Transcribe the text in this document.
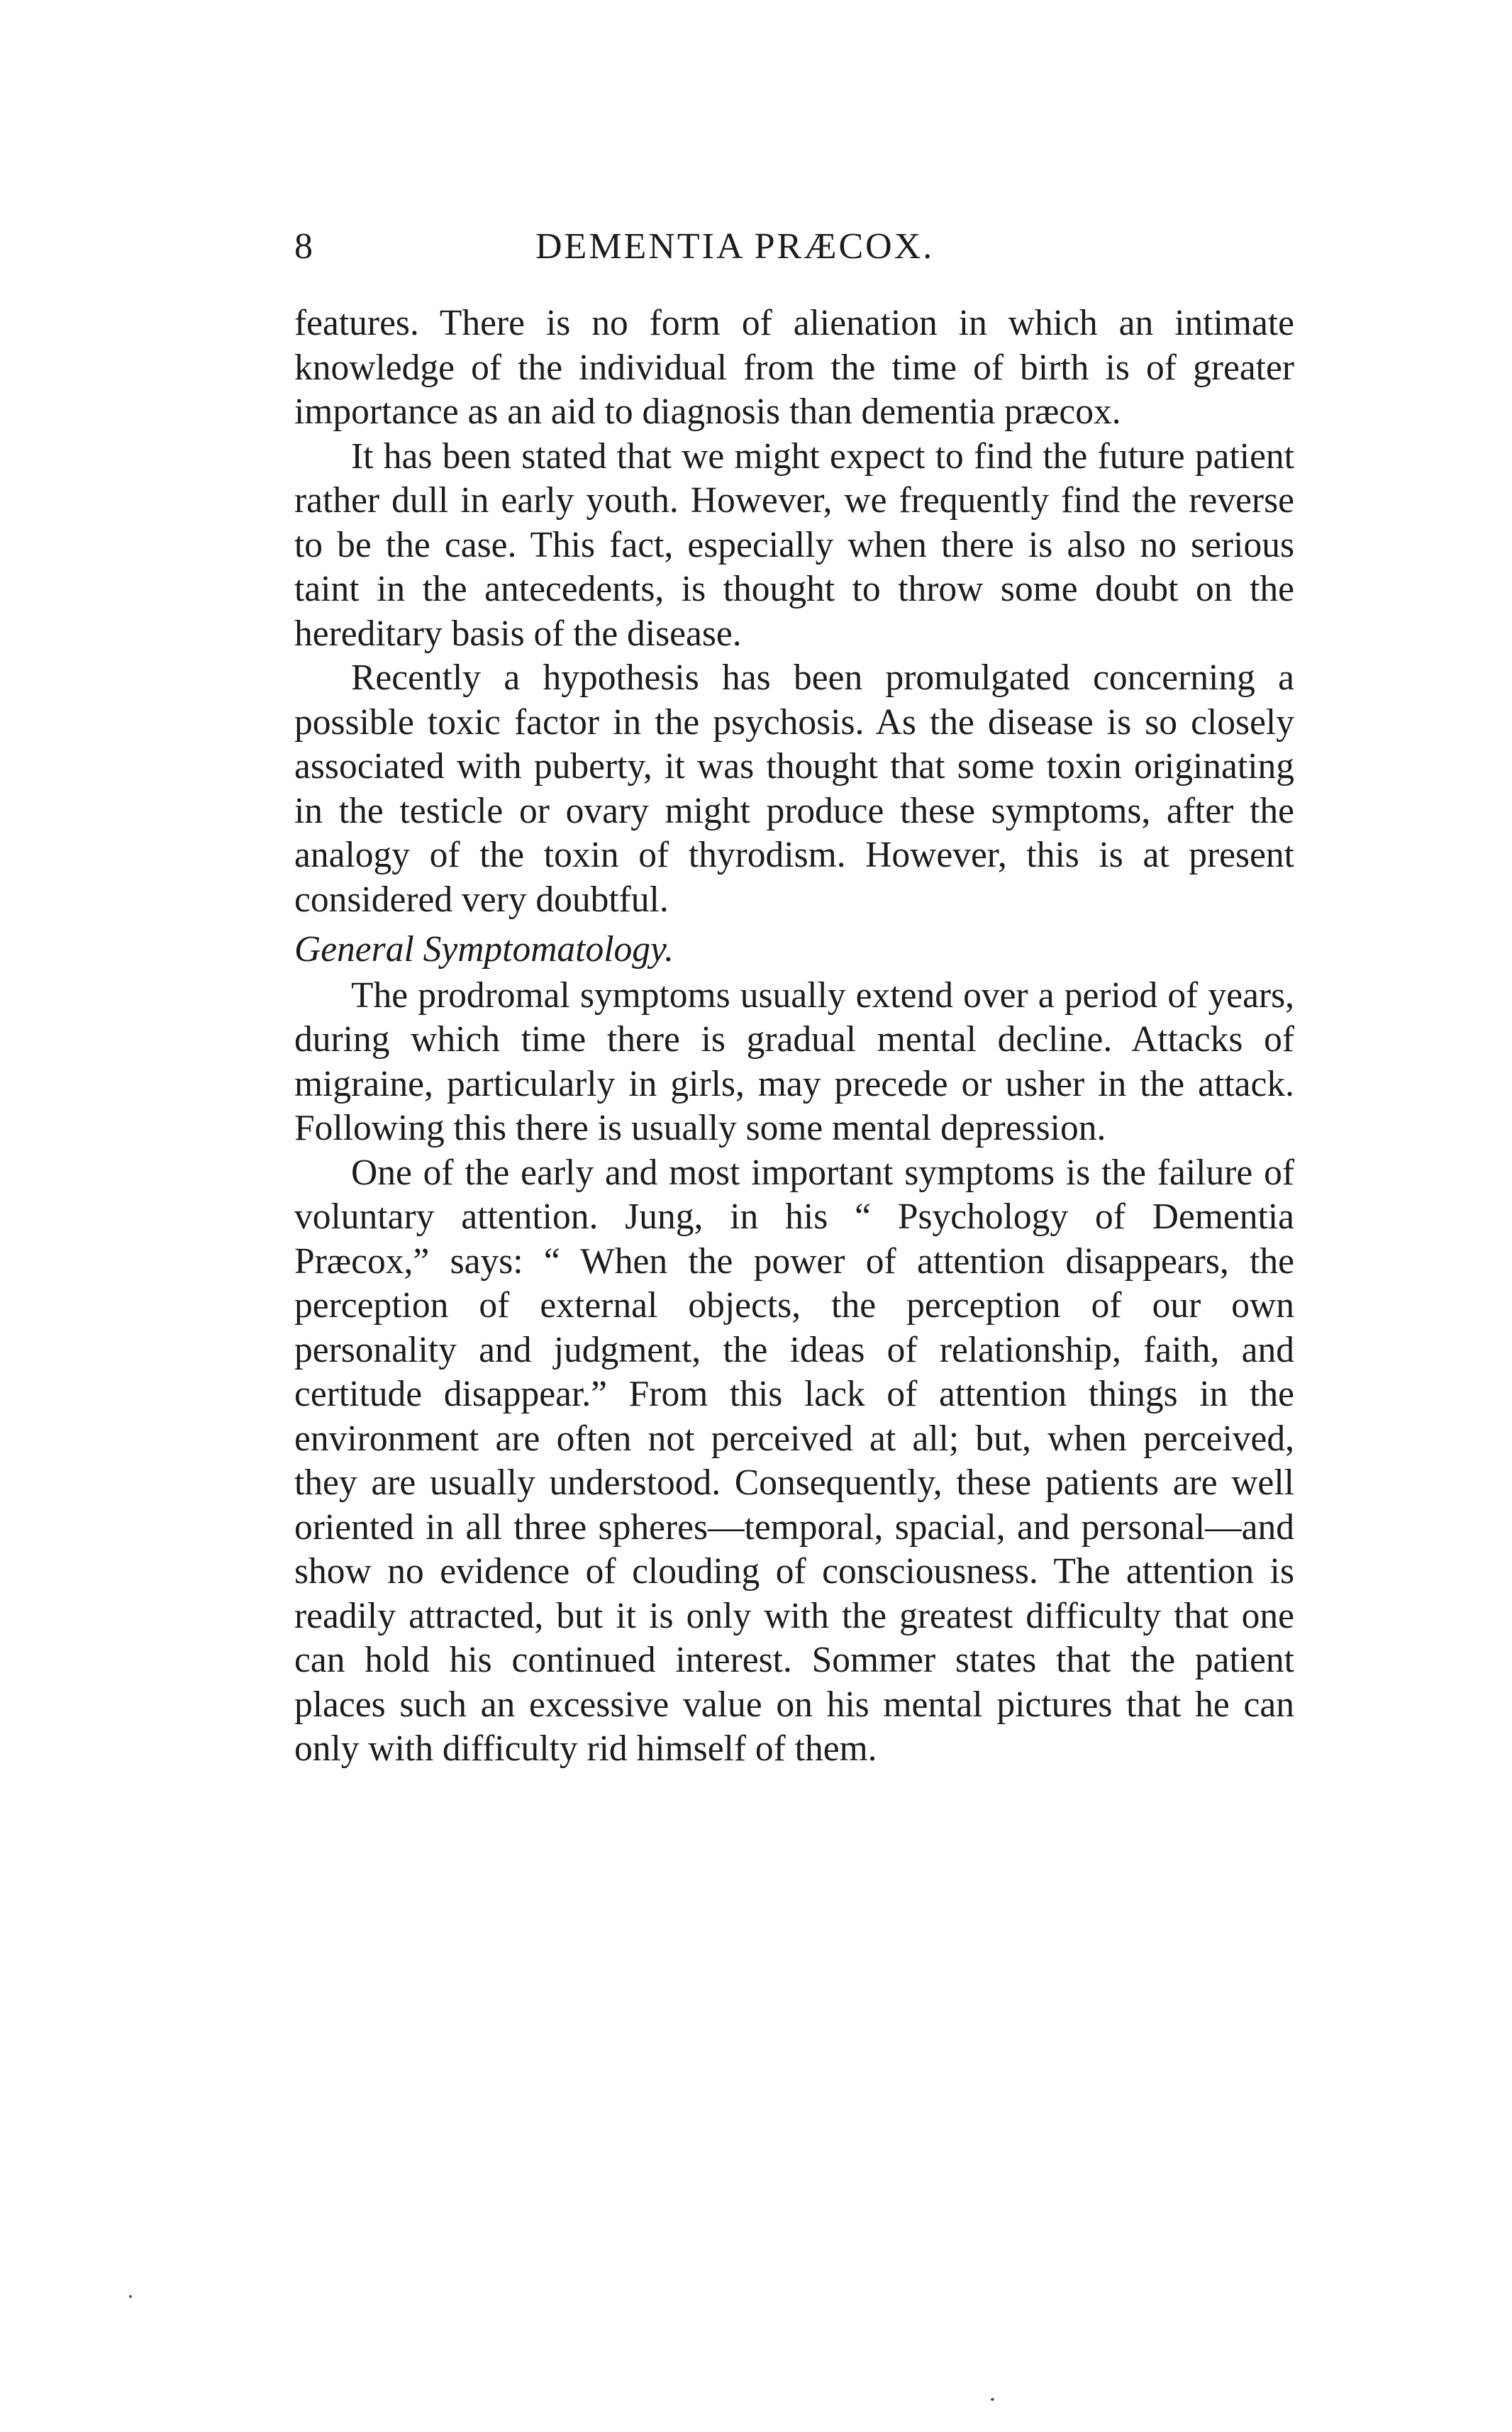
8	DEMENTIA PRÆCOX.

features. There is no form of alienation in which an intimate knowledge of the individual from the time of birth is of greater importance as an aid to diagnosis than dementia præcox.

It has been stated that we might expect to find the future patient rather dull in early youth. However, we frequently find the reverse to be the case. This fact, especially when there is also no serious taint in the antecedents, is thought to throw some doubt on the hereditary basis of the disease.

Recently a hypothesis has been promulgated concerning a possible toxic factor in the psychosis. As the disease is so closely associated with puberty, it was thought that some toxin originating in the testicle or ovary might produce these symptoms, after the analogy of the toxin of thyrodism. However, this is at present considered very doubtful.

General Symptomatology.

The prodromal symptoms usually extend over a period of years, during which time there is gradual mental decline. Attacks of migraine, particularly in girls, may precede or usher in the attack. Following this there is usually some mental depression.

One of the early and most important symptoms is the failure of voluntary attention. Jung, in his “ Psychology of Dementia Præcox,” says: “ When the power of attention disappears, the perception of external objects, the perception of our own personality and judgment, the ideas of relationship, faith, and certitude disappear.” From this lack of attention things in the environment are often not perceived at all; but, when perceived, they are usually understood. Consequently, these patients are well oriented in all three spheres—temporal, spacial, and personal—and show no evidence of clouding of consciousness. The attention is readily attracted, but it is only with the greatest difficulty that one can hold his continued interest. Sommer states that the patient places such an excessive value on his mental pictures that he can only with difficulty rid himself of them.
